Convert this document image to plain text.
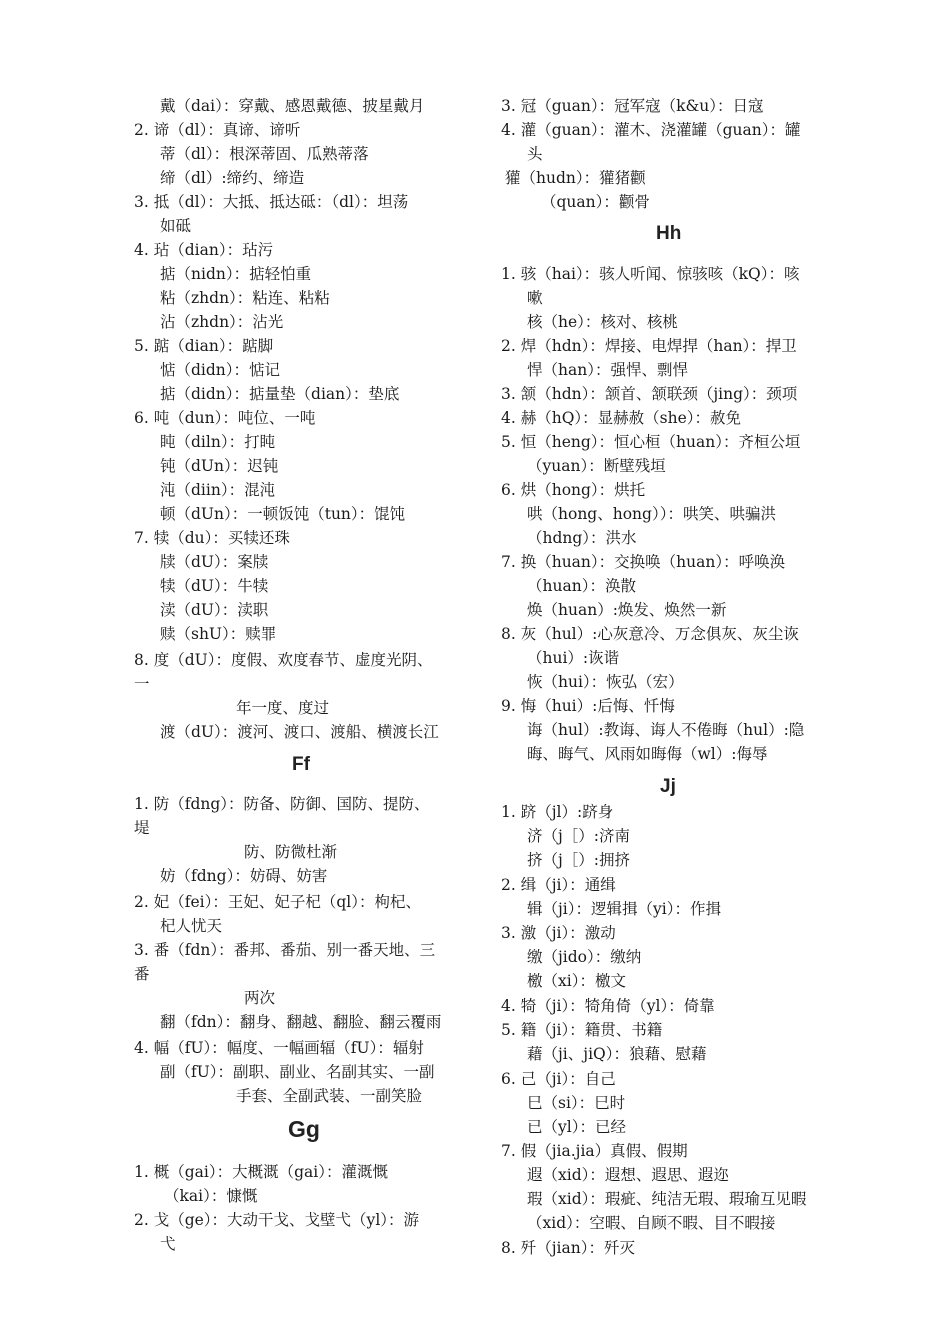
戴（dai）：穿戴、感恩戴德、披星戴月
2. 谛（dl）：真谛、谛听
蒂（dl）：根深蒂固、瓜熟蒂落
缔（dl）:缔约、缔造
3. 抵（dl）：大抵、抵达砥：（dl）：坦荡
如砥
4. 玷（dian）：玷污
掂（nidn）：掂轻怕重
粘（zhdn）：粘连、粘粘
沾（zhdn）：沾光
5. 踮（dian）：踮脚
惦（didn）：惦记
掂（didn）：掂量垫（dian）：垫底
6. 吨（dun）：吨位、一吨
盹（diln）：打盹
钝（dUn）：迟钝
沌（diin）：混沌
顿（dUn）：一顿饭饨（tun）：馄饨
7. 犊（du）：买犊还珠
牍（dU）：案牍
犊（dU）：牛犊
渎（dU）：渎职
赎（shU）：赎罪
8. 度（dU）：度假、欢度春节、虚度光阴、
一
年一度、度过
渡（dU）：渡河、渡口、渡船、横渡长江
Ff
1. 防（fdng）：防备、防御、国防、提防、
堤
防、防微杜渐
妨（fdng）：妨碍、妨害
2. 妃（fei）：王妃、妃子杞（ql）：枸杞、
杞人忧天
3. 番（fdn）：番邦、番茄、别一番天地、三
番
两次
翻（fdn）：翻身、翻越、翻脸、翻云覆雨
4. 幅（fU）：幅度、一幅画辐（fU）：辐射
副（fU）：副职、副业、名副其实、一副
手套、全副武装、一副笑脸
Gg
1. 概（gai）：大概溉（gai）：灌溉慨
（kai）：慷慨
2. 戈（ge）：大动干戈、戈壁弋（yl）：游
弋
3. 冠（guan）：冠军寇（k&u）：日寇
4. 灌（guan）：灌木、浇灌罐（guan）：罐
头
獾（hudn）：獾猪颧
（quan）：颧骨
Hh
1. 骇（hai）：骇人听闻、惊骇咳（kQ）：咳
嗽
核（he）：核对、核桃
2. 焊（hdn）：焊接、电焊捍（han）：捍卫
悍（han）：强悍、剽悍
3. 颔（hdn）：颔首、颔联颈（jing）：颈项
4. 赫（hQ）：显赫赦（she）：赦免
5. 恒（heng）：恒心桓（huan）：齐桓公垣
（yuan）：断壁残垣
6. 烘（hong）：烘托
哄（hong、hong））：哄笑、哄骗洪
（hdng）：洪水
7. 换（huan）：交换唤（huan）：呼唤涣
（huan）：涣散
焕（huan）:焕发、焕然一新
8. 灰（hul）:心灰意冷、万念俱灰、灰尘诙
（hui）:诙谐
恢（hui）：恢弘（宏）
9. 悔（hui）:后悔、忏悔
诲（hul）:教诲、诲人不倦晦（hul）:隐
晦、晦气、风雨如晦侮（wl）:侮辱
Jj
1. 跻（jl）:跻身
济（j［）:济南
挤（j［）:拥挤
2. 缉（ji）：通缉
辑（ji）：逻辑揖（yi）：作揖
3. 激（ji）：激动
缴（jido）：缴纳
檄（xi）：檄文
4. 犄（ji）：犄角倚（yl）：倚靠
5. 籍（ji）：籍贯、书籍
藉（ji、jiQ）：狼藉、慰藉
6. 己（ji）：自己
巳（si）：巳时
已（yl）：已经
7. 假（jia.jia）真假、假期
遐（xid）：遐想、遐思、遐迩
瑕（xid）：瑕疵、纯洁无瑕、瑕瑜互见暇
（xid）：空暇、自顾不暇、目不暇接
8. 歼（jian）：歼灭
